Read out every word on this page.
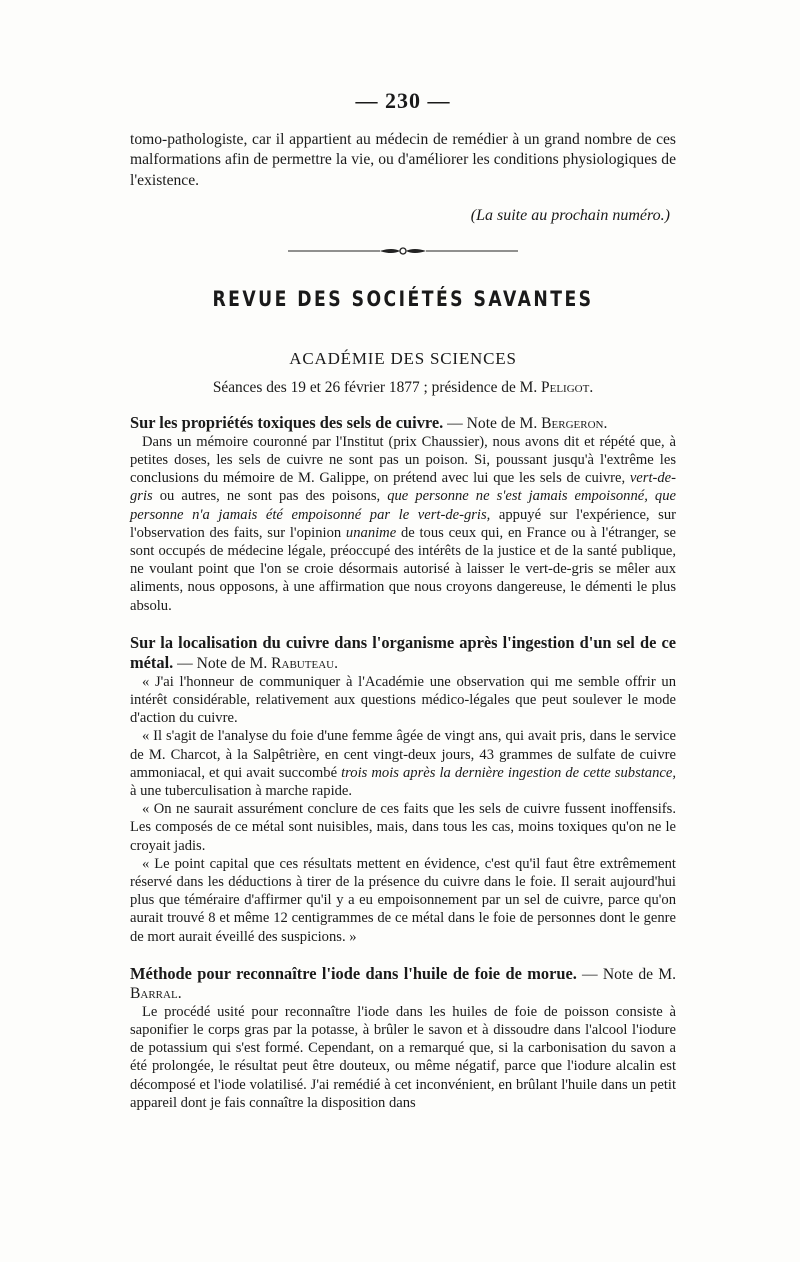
— 230 —

tomo-pathologiste, car il appartient au médecin de remédier à un grand nombre de ces malformations afin de permettre la vie, ou d'améliorer les conditions physiologiques de l'existence.

(La suite au prochain numéro.)
REVUE DES SOCIÉTÉS SAVANTES
ACADÉMIE DES SCIENCES
Séances des 19 et 26 février 1877 ; présidence de M. Peligot.

Sur les propriétés toxiques des sels de cuivre. — Note de M. Bergeron.

Dans un mémoire couronné par l'Institut (prix Chaussier), nous avons dit et répété que, à petites doses, les sels de cuivre ne sont pas un poison. Si, poussant jusqu'à l'extrême les conclusions du mémoire de M. Galippe, on prétend avec lui que les sels de cuivre, vert-de-gris ou autres, ne sont pas des poisons, que personne ne s'est jamais empoisonné, que personne n'a jamais été empoisonné par le vert-de-gris, appuyé sur l'expérience, sur l'observation des faits, sur l'opinion unanime de tous ceux qui, en France ou à l'étranger, se sont occupés de médecine légale, préoccupé des intérêts de la justice et de la santé publique, ne voulant point que l'on se croie désormais autorisé à laisser le vert-de-gris se mêler aux aliments, nous opposons, à une affirmation que nous croyons dangereuse, le démenti le plus absolu.

Sur la localisation du cuivre dans l'organisme après l'ingestion d'un sel de ce métal. — Note de M. Rabuteau.

« J'ai l'honneur de communiquer à l'Académie une observation qui me semble offrir un intérêt considérable, relativement aux questions médico-légales que peut soulever le mode d'action du cuivre.

« Il s'agit de l'analyse du foie d'une femme âgée de vingt ans, qui avait pris, dans le service de M. Charcot, à la Salpêtrière, en cent vingt-deux jours, 43 grammes de sulfate de cuivre ammoniacal, et qui avait succombé trois mois après la dernière ingestion de cette substance, à une tuberculisation à marche rapide.

« On ne saurait assurément conclure de ces faits que les sels de cuivre fussent inoffensifs. Les composés de ce métal sont nuisibles, mais, dans tous les cas, moins toxiques qu'on ne le croyait jadis.

« Le point capital que ces résultats mettent en évidence, c'est qu'il faut être extrêmement réservé dans les déductions à tirer de la présence du cuivre dans le foie. Il serait aujourd'hui plus que téméraire d'affirmer qu'il y a eu empoisonnement par un sel de cuivre, parce qu'on aurait trouvé 8 et même 12 centigrammes de ce métal dans le foie de personnes dont le genre de mort aurait éveillé des suspicions. »

Méthode pour reconnaître l'iode dans l'huile de foie de morue. — Note de M. Barral.

Le procédé usité pour reconnaître l'iode dans les huiles de foie de poisson consiste à saponifier le corps gras par la potasse, à brûler le savon et à dissoudre dans l'alcool l'iodure de potassium qui s'est formé. Cependant, on a remarqué que, si la carbonisation du savon a été prolongée, le résultat peut être douteux, ou même négatif, parce que l'iodure alcalin est décomposé et l'iode volatilisé. J'ai remédié à cet inconvénient, en brûlant l'huile dans un petit appareil dont je fais connaître la disposition dans
